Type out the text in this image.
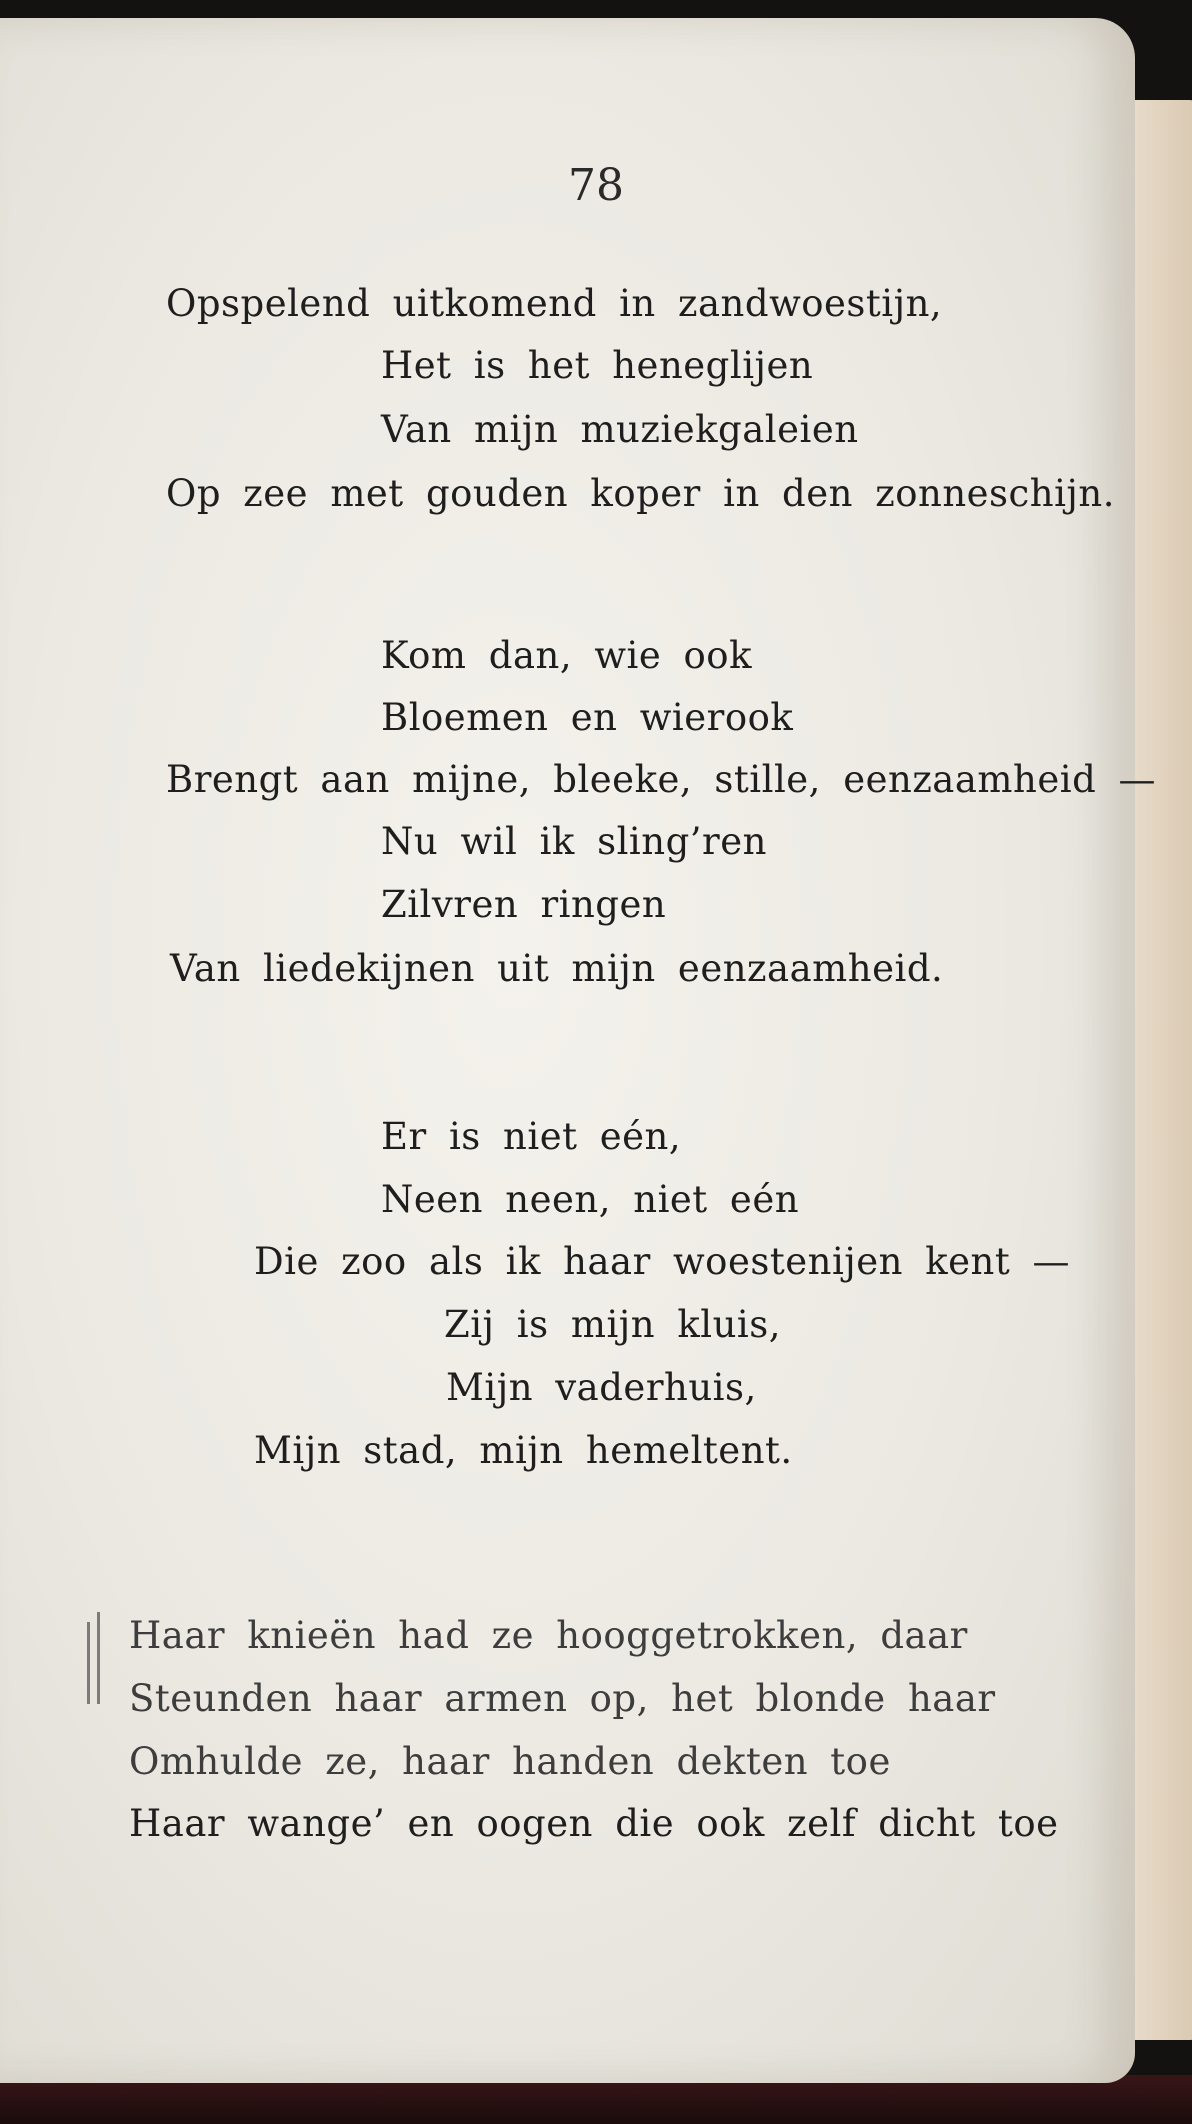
78
Opspelend uitkomend in zandwoestijn,
Het is het heneglijen
Van mijn muziekgaleien
Op zee met gouden koper in den zonneschijn.
Kom dan, wie ook
Bloemen en wierook
Brengt aan mijne, bleeke, stille, eenzaamheid —
Nu wil ik sling’ren
Zilvren ringen
Van liedekijnen uit mijn eenzaamheid.
Er is niet eén,
Neen neen, niet eén
Die zoo als ik haar woestenijen kent —
Zij is mijn kluis,
Mijn vaderhuis,
Mijn stad, mijn hemeltent.
Haar knieën had ze hooggetrokken, daar
Steunden haar armen op, het blonde haar
Omhulde ze, haar handen dekten toe
Haar wange’ en oogen die ook zelf dicht toe
